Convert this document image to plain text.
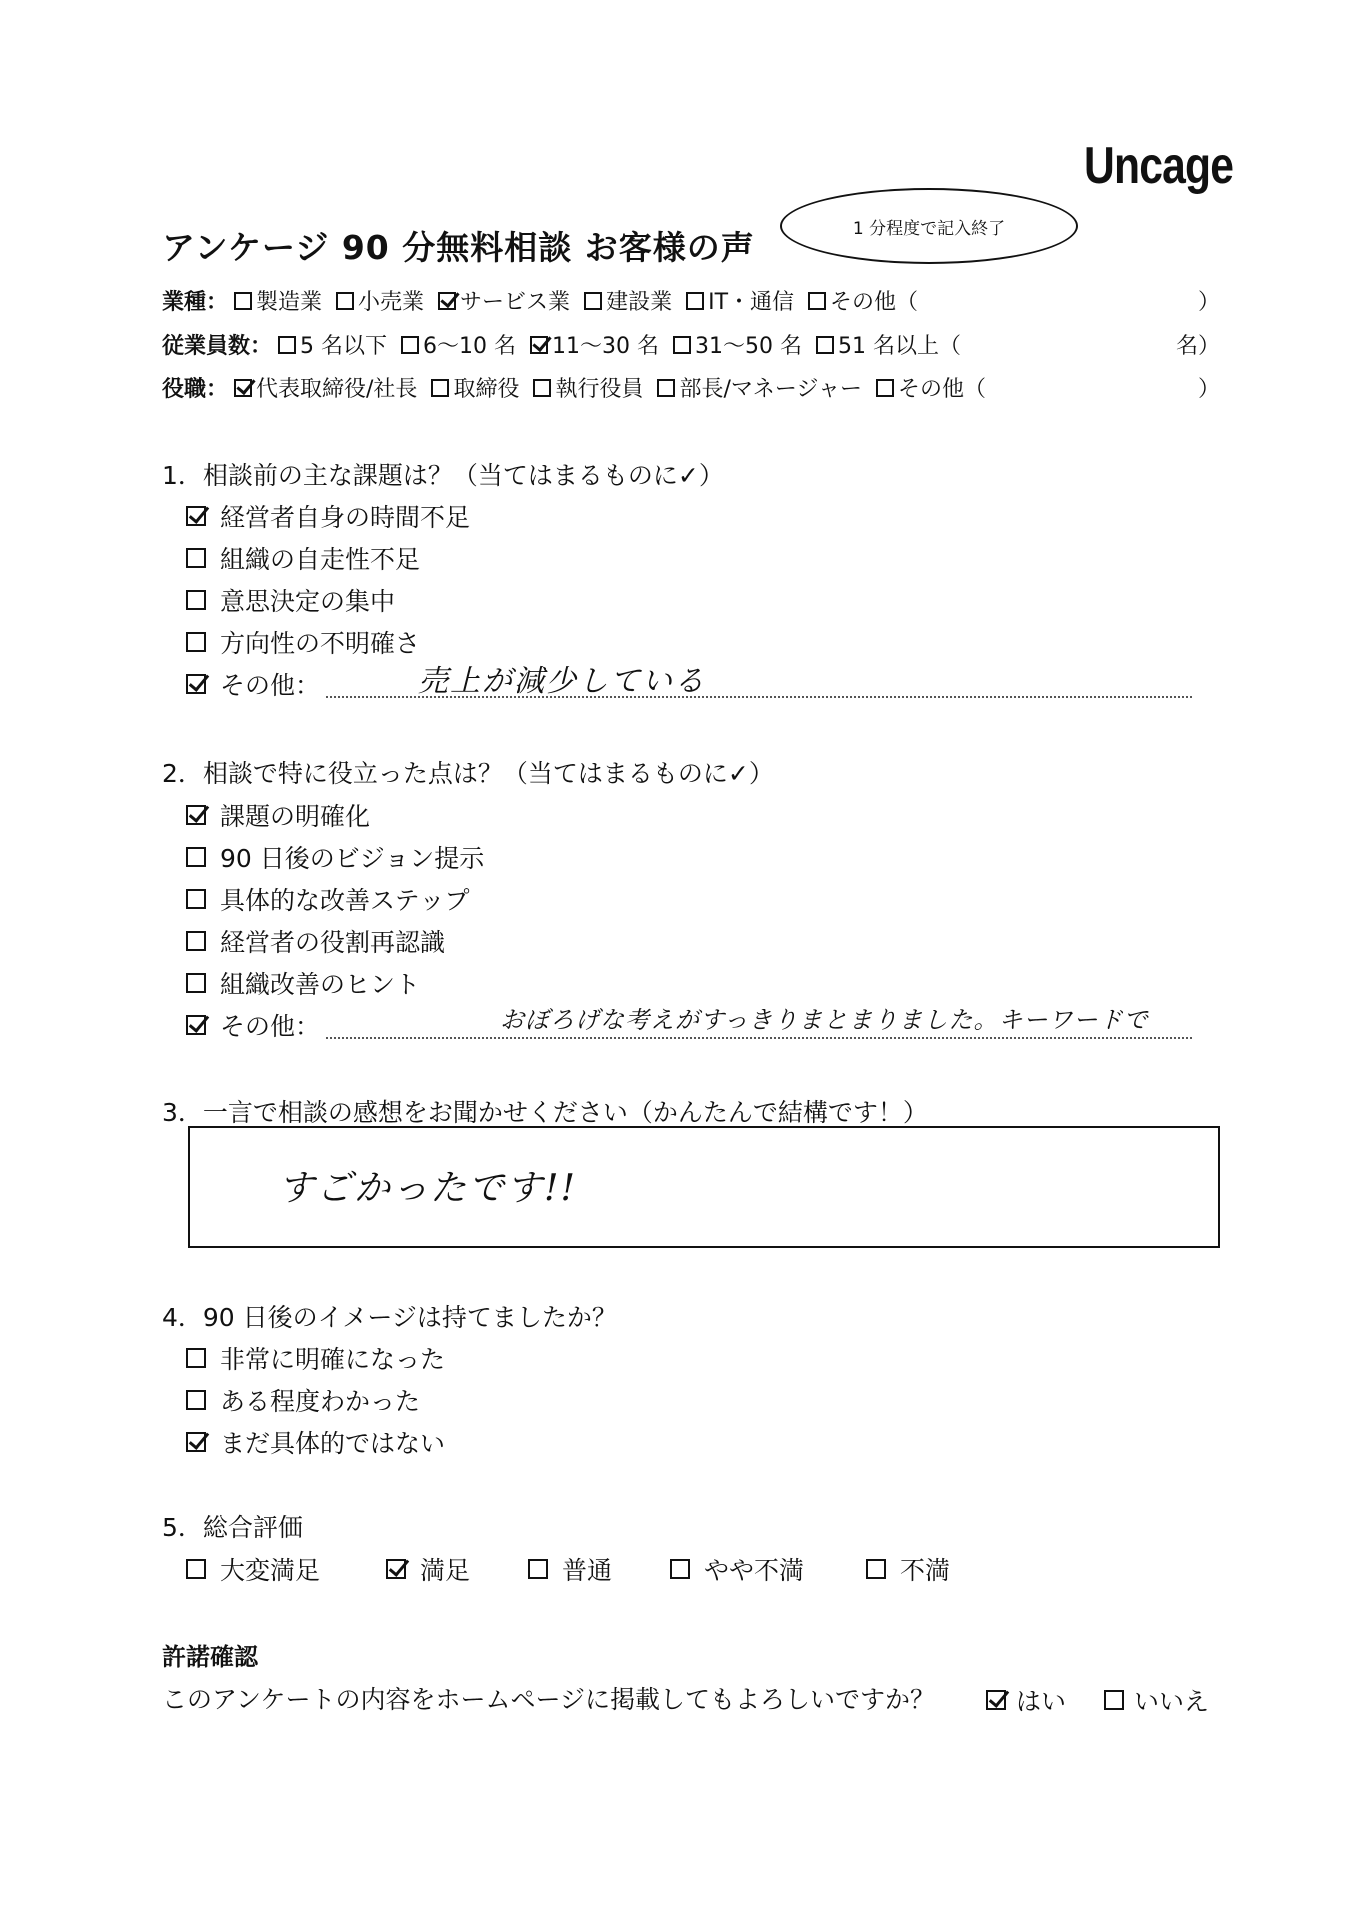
Uncage
アンケージ 90 分無料相談 お客様の声	1 分程度で記入終了
業種： 製造業 小売業 サービス業 建設業 IT・通信 その他（	）
従業員数： 5 名以下 6～10 名 11～30 名 31～50 名 51 名以上（	名）
役職： 代表取締役/社長 取締役 執行役員 部長/マネージャー その他（	）
1．相談前の主な課題は？（当てはまるものに✓）
経営者自身の時間不足
組織の自走性不足
意思決定の集中
方向性の不明確さ
その他：	売上が減少している
2．相談で特に役立った点は？（当てはまるものに✓）
課題の明確化
90 日後のビジョン提示
具体的な改善ステップ
経営者の役割再認識
組織改善のヒント
その他：	おぼろげな考えがすっきりまとまりました。キーワードで
3．一言で相談の感想をお聞かせください（かんたんで結構です！）
すごかったです!!
4．90 日後のイメージは持てましたか？
非常に明確になった
ある程度わかった
まだ具体的ではない
5．総合評価
大変満足	満足	普通	やや不満	不満
許諾確認
このアンケートの内容をホームページに掲載してもよろしいですか？	はい	いいえ
